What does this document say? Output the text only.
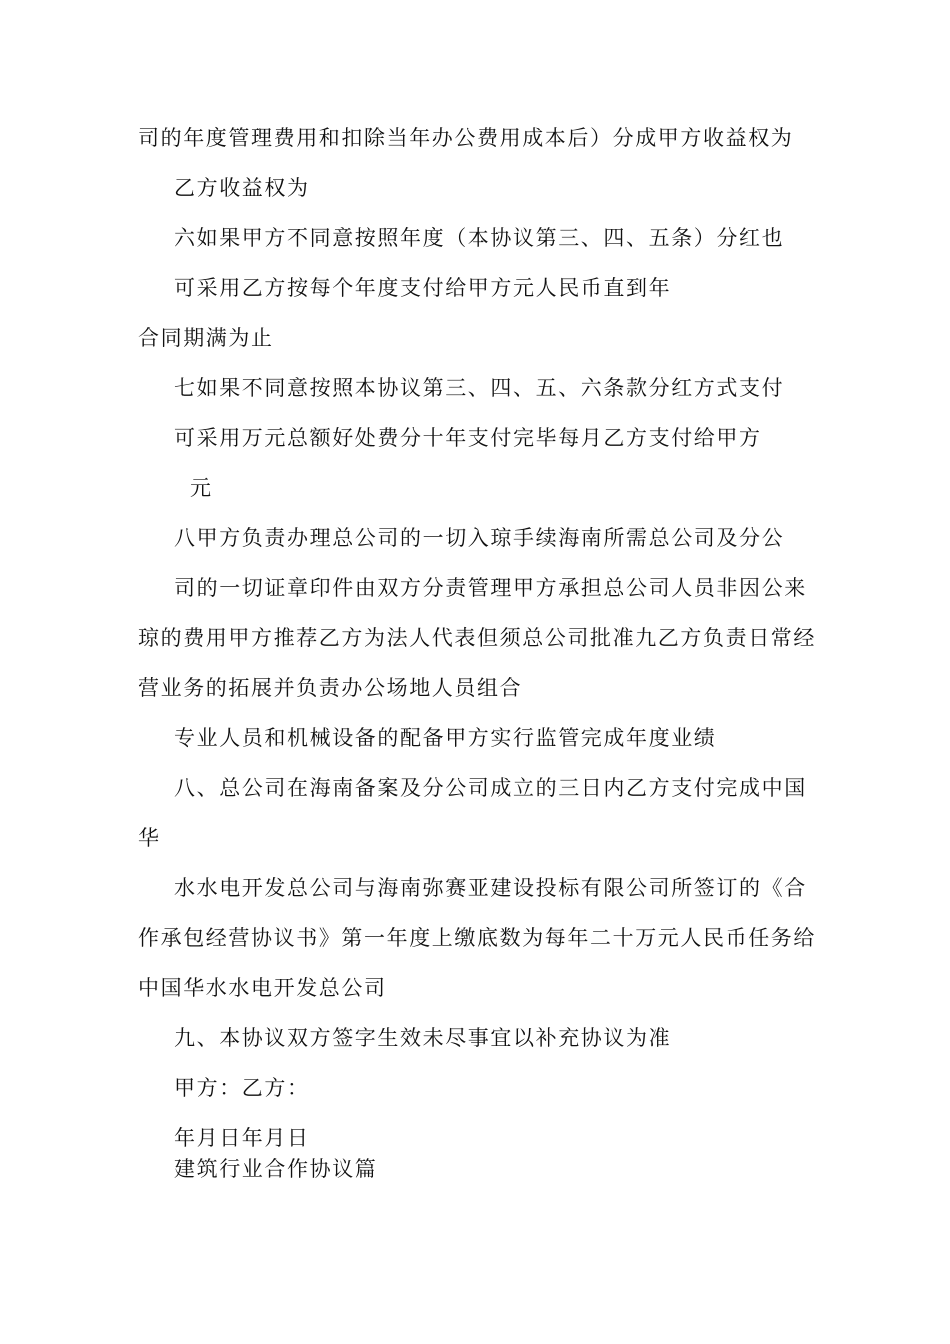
司的年度管理费用和扣除当年办公费用成本后）分成甲方收益权为

乙方收益权为

六如果甲方不同意按照年度（本协议第三、四、五条）分红也

可采用乙方按每个年度支付给甲方元人民币直到年

合同期满为止

七如果不同意按照本协议第三、四、五、六条款分红方式支付

可采用万元总额好处费分十年支付完毕每月乙方支付给甲方

元

八甲方负责办理总公司的一切入琼手续海南所需总公司及分公

司的一切证章印件由双方分责管理甲方承担总公司人员非因公来

琼的费用甲方推荐乙方为法人代表但须总公司批准九乙方负责日常经

营业务的拓展并负责办公场地人员组合

专业人员和机械设备的配备甲方实行监管完成年度业绩

八、总公司在海南备案及分公司成立的三日内乙方支付完成中国

华

水水电开发总公司与海南弥赛亚建设投标有限公司所签订的《合

作承包经营协议书》第一年度上缴底数为每年二十万元人民币任务给

中国华水水电开发总公司

九、本协议双方签字生效未尽事宜以补充协议为准

甲方：乙方：

年月日年月日

建筑行业合作协议篇
